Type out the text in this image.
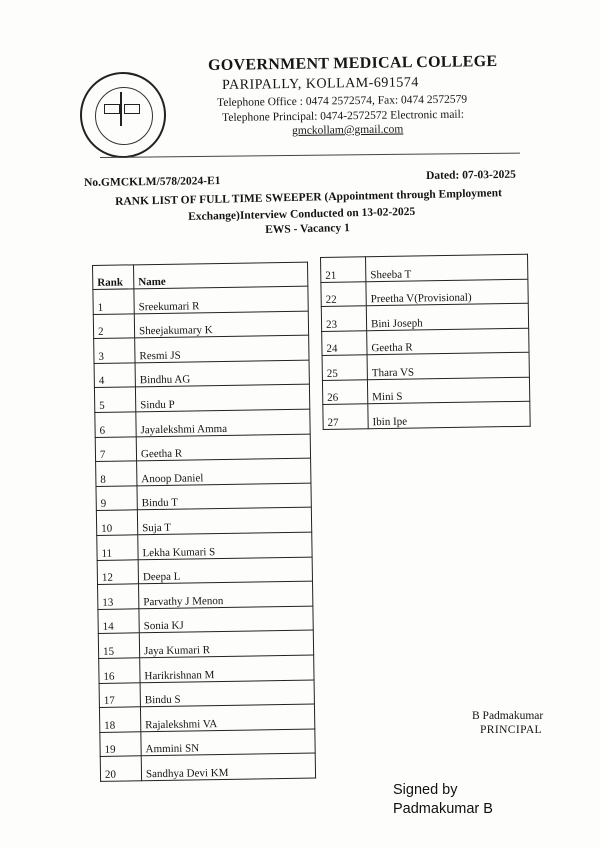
GOVERNMENT MEDICAL COLLEGE
PARIPALLY, KOLLAM-691574
Telephone Office : 0474 2572574, Fax: 0474 2572579
Telephone Principal: 0474-2572572 Electronic mail:
gmckollam@gmail.com
No.GMCKLM/578/2024-E1	Dated: 07-03-2025
RANK LIST OF FULL TIME SWEEPER (Appointment through Employment
Exchange)Interview Conducted on 13-02-2025
EWS - Vacancy 1
Rank	Name
1	Sreekumari R
2	Sheejakumary K
3	Resmi JS
4	Bindhu AG
5	Sindu P
6	Jayalekshmi Amma
7	Geetha R
8	Anoop Daniel
9	Bindu T
10	Suja T
11	Lekha Kumari S
12	Deepa L
13	Parvathy J Menon
14	Sonia KJ
15	Jaya Kumari R
16	Harikrishnan M
17	Bindu S
18	Rajalekshmi VA
19	Ammini SN
20	Sandhya Devi KM
21	Sheeba T
22	Preetha V(Provisional)
23	Bini Joseph
24	Geetha R
25	Thara VS
26	Mini S
27	Ibin Ipe
B Padmakumar
PRINCIPAL
Signed by
Padmakumar B
